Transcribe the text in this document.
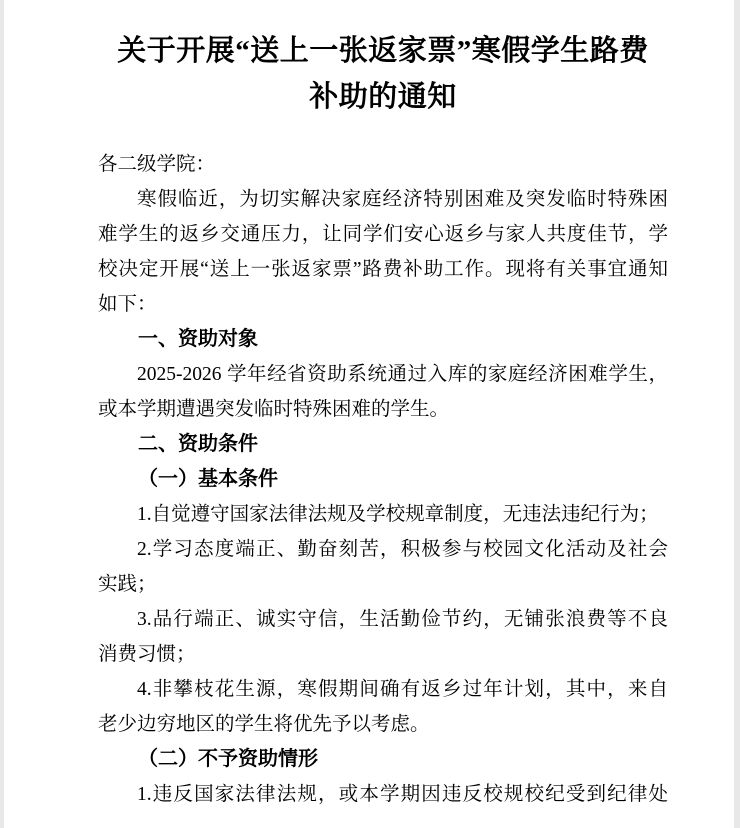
关于开展“送上一张返家票”寒假学生路费
补助的通知
各二级学院：
寒假临近，为切实解决家庭经济特别困难及突发临时特殊困
难学生的返乡交通压力，让同学们安心返乡与家人共度佳节，学
校决定开展“送上一张返家票”路费补助工作。现将有关事宜通知
如下：
一、资助对象
2025-2026 学年经省资助系统通过入库的家庭经济困难学生，
或本学期遭遇突发临时特殊困难的学生。
二、资助条件
（一）基本条件
1.自觉遵守国家法律法规及学校规章制度，无违法违纪行为；
2.学习态度端正、勤奋刻苦，积极参与校园文化活动及社会
实践；
3.品行端正、诚实守信，生活勤俭节约，无铺张浪费等不良
消费习惯；
4.非攀枝花生源，寒假期间确有返乡过年计划，其中，来自
老少边穷地区的学生将优先予以考虑。
（二）不予资助情形
1.违反国家法律法规，或本学期因违反校规校纪受到纪律处
